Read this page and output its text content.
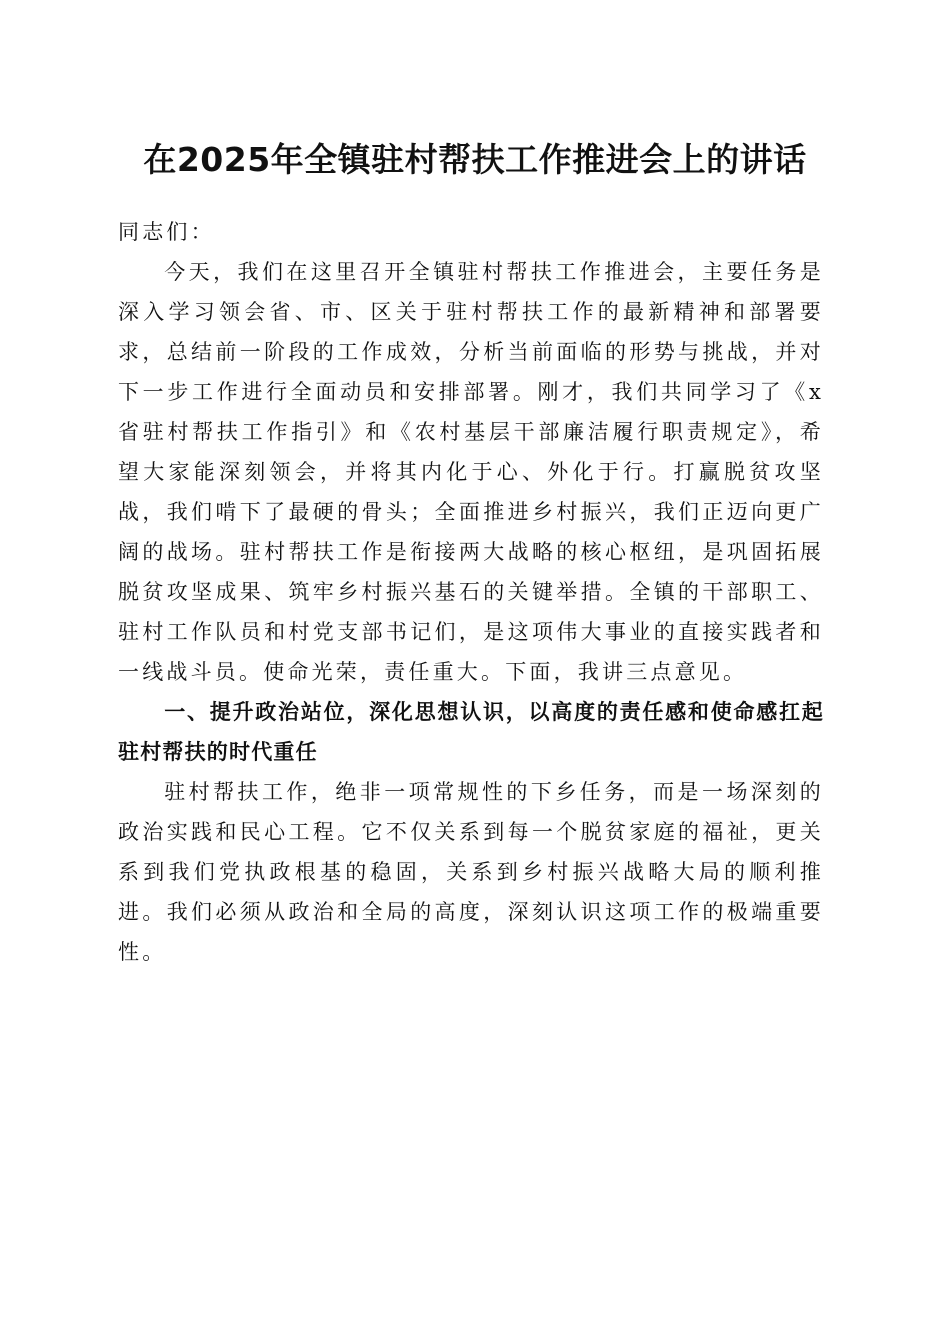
在2025年全镇驻村帮扶工作推进会上的讲话

同志们：

今天，我们在这里召开全镇驻村帮扶工作推进会，主要任务是深入学习领会省、市、区关于驻村帮扶工作的最新精神和部署要求，总结前一阶段的工作成效，分析当前面临的形势与挑战，并对下一步工作进行全面动员和安排部署。刚才，我们共同学习了《x省驻村帮扶工作指引》和《农村基层干部廉洁履行职责规定》，希望大家能深刻领会，并将其内化于心、外化于行。打赢脱贫攻坚战，我们啃下了最硬的骨头；全面推进乡村振兴，我们正迈向更广阔的战场。驻村帮扶工作是衔接两大战略的核心枢纽，是巩固拓展脱贫攻坚成果、筑牢乡村振兴基石的关键举措。全镇的干部职工、驻村工作队员和村党支部书记们，是这项伟大事业的直接实践者和一线战斗员。使命光荣，责任重大。下面，我讲三点意见。

一、提升政治站位，深化思想认识，以高度的责任感和使命感扛起驻村帮扶的时代重任

驻村帮扶工作，绝非一项常规性的下乡任务，而是一场深刻的政治实践和民心工程。它不仅关系到每一个脱贫家庭的福祉，更关系到我们党执政根基的稳固，关系到乡村振兴战略大局的顺利推进。我们必须从政治和全局的高度，深刻认识这项工作的极端重要性。
